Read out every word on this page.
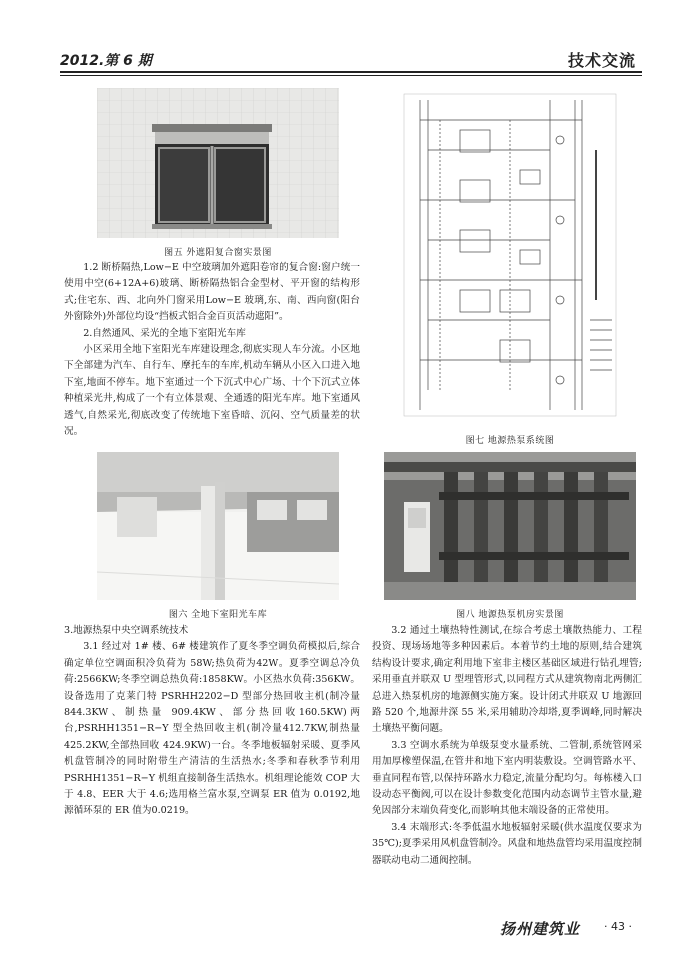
2012.第 6 期	技术交流
图五 外遮阳复合窗实景图

1.2 断桥隔热,Low−E 中空玻璃加外遮阳卷帘的复合窗:窗户统一使用中空(6+12A+6)玻璃、断桥隔热铝合金型材、平开窗的结构形式;住宅东、西、北向外门窗采用Low−E 玻璃,东、南、西向窗(阳台外窗除外)外部位均设“挡板式铝合金百页活动遮阳”。

2.自然通风、采光的全地下室阳光车库

小区采用全地下室阳光车库建设理念,彻底实现人车分流。小区地下全部建为汽车、自行车、摩托车的车库,机动车辆从小区入口进入地下室,地面不停车。地下室通过一个下沉式中心广场、十个下沉式立体种植采光井,构成了一个有立体景观、全通透的阳光车库。地下室通风透气,自然采光,彻底改变了传统地下室昏暗、沉闷、空气质量差的状况。

图六 全地下室阳光车库

3.地源热泵中央空调系统技术

3.1 经过对 1# 楼、6# 楼建筑作了夏冬季空调负荷模拟后,综合确定单位空调面积冷负荷为 58W;热负荷为42W。夏季空调总冷负荷:2566KW;冬季空调总热负荷:1858KW。小区热水负荷:356KW。设备选用了克莱门特 PSRHH2202−D 型部分热回收主机(制冷量 844.3KW、制热量 909.4KW、部分热回收160.5KW)两台,PSRHH1351−R−Y 型全热回收主机(制冷量412.7KW,制热量 425.2KW,全部热回收 424.9KW)一台。冬季地板辐射采暖、夏季风机盘管制冷的同时附带生产清洁的生活热水;冬季和春秋季节利用 PSRHH1351−R−Y 机组直接制备生活热水。机组理论能效 COP 大于 4.8、EER 大于 4.6;选用格兰富水泵,空调泵 ER 值为 0.0192,地源循环泵的 ER 值为0.0219。

图七 地源热泵系统图
图八 地源热泵机房实景图

3.2 通过土壤热特性测试,在综合考虑土壤散热能力、工程投资、现场场地等多种因素后。本着节约土地的原则,结合建筑结构设计要求,确定利用地下室非主楼区基础区域进行钻孔埋管;采用垂直并联双 U 型埋管形式,以同程方式从建筑物南北两侧汇总进入热泵机房的地源侧实施方案。设计闭式井联双 U 地源回路 520 个,地源井深 55 米,采用辅助冷却塔,夏季调峰,同时解决土壤热平衡问题。

3.3 空调水系统为单级泵变水量系统、二管制,系统管网采用加厚橡塑保温,在管井和地下室内明装敷设。空调管路水平、垂直同程布管,以保持环路水力稳定,流量分配均匀。每栋楼入口设动态平衡阀,可以在设计参数变化范围内动态调节主管水量,避免因部分末端负荷变化,而影响其他末端设备的正常使用。

3.4 末端形式:冬季低温水地板辐射采暖(供水温度仅要求为 35℃);夏季采用风机盘管制冷。风盘和地热盘管均采用温度控制器联动电动二通阀控制。

扬州建筑业 · 43 ·
